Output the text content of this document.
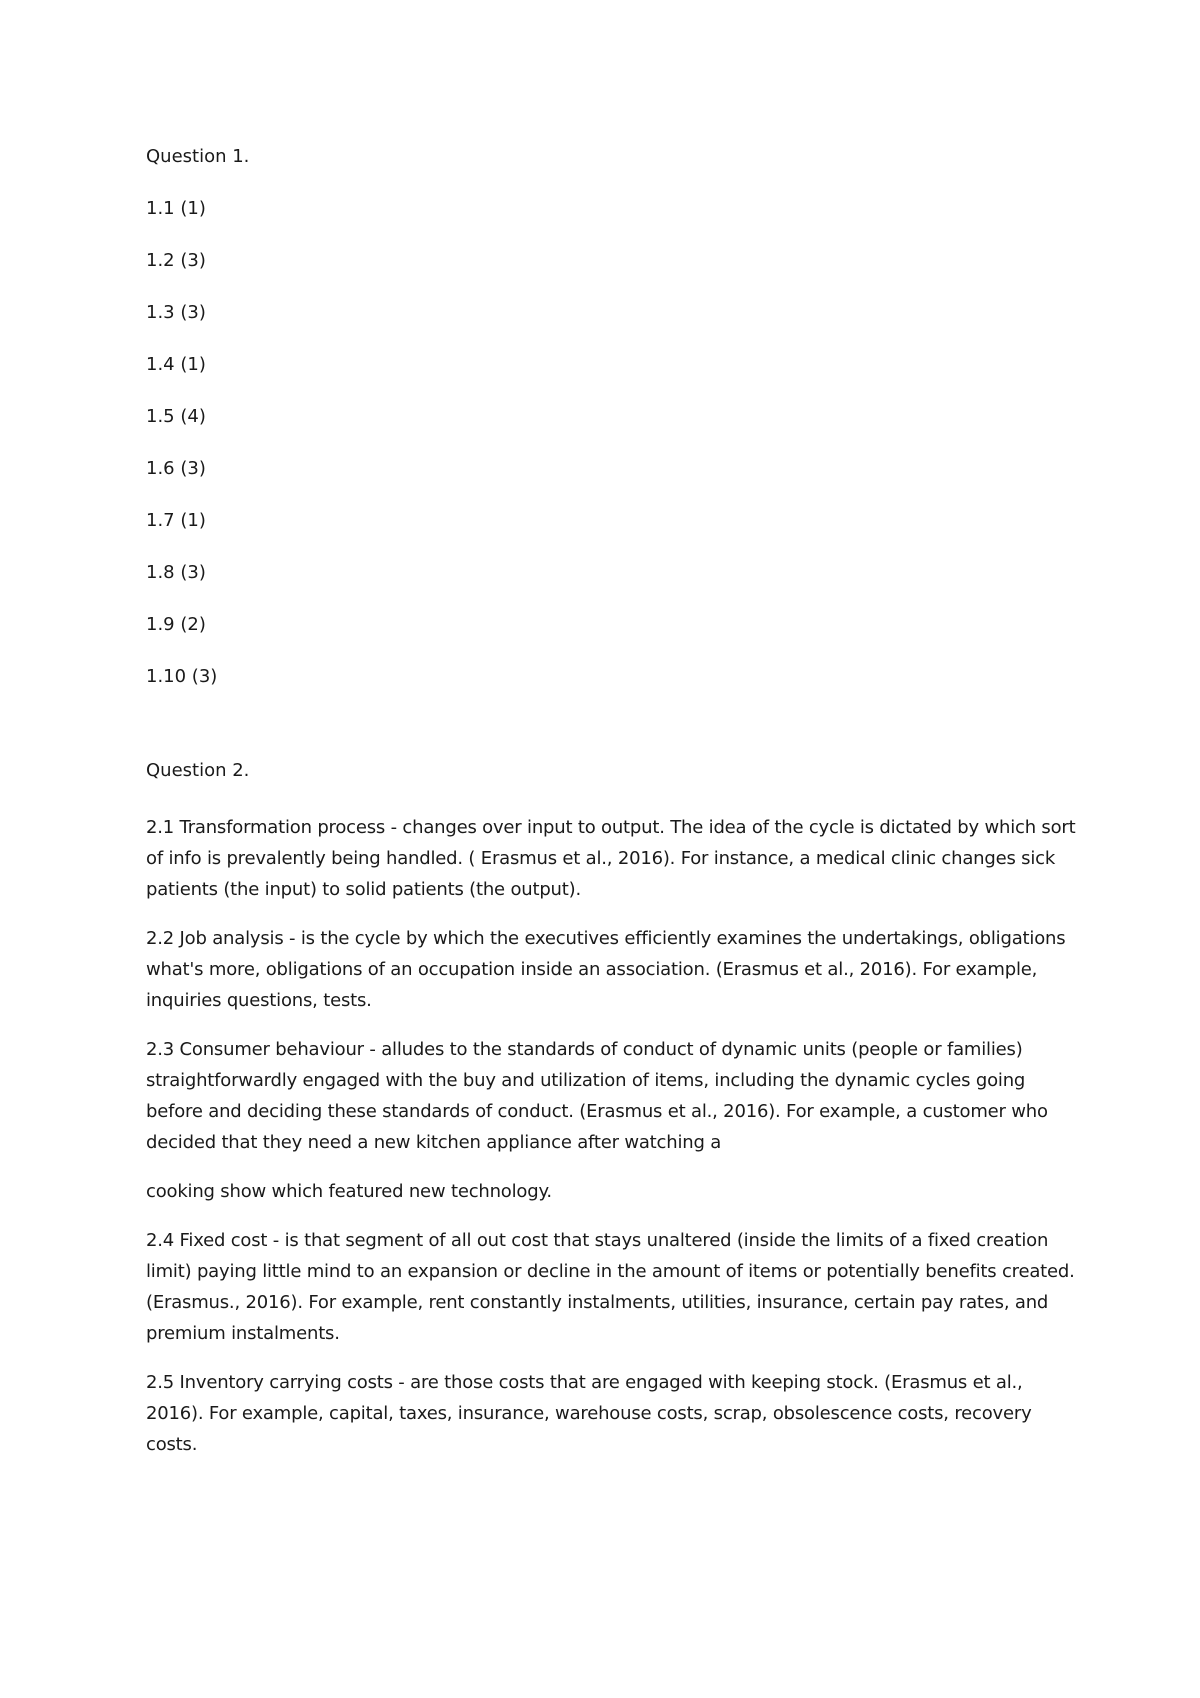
Question 1.
1.1 (1)
1.2 (3)
1.3 (3)
1.4 (1)
1.5 (4)
1.6 (3)
1.7 (1)
1.8 (3)
1.9 (2)
1.10 (3)
Question 2.

2.1 Transformation process - changes over input to output. The idea of the cycle is dictated by which sort of info is prevalently being handled. ( Erasmus et al., 2016). For instance, a medical clinic changes sick patients (the input) to solid patients (the output).

2.2 Job analysis - is the cycle by which the executives efficiently examines the undertakings, obligations what's more, obligations of an occupation inside an association. (Erasmus et al., 2016). For example, inquiries questions, tests.

2.3 Consumer behaviour - alludes to the standards of conduct of dynamic units (people or families) straightforwardly engaged with the buy and utilization of items, including the dynamic cycles going before and deciding these standards of conduct. (Erasmus et al., 2016). For example, a customer who decided that they need a new kitchen appliance after watching a

cooking show which featured new technology.

2.4 Fixed cost - is that segment of all out cost that stays unaltered (inside the limits of a fixed creation limit) paying little mind to an expansion or decline in the amount of items or potentially benefits created. (Erasmus., 2016). For example, rent constantly instalments, utilities, insurance, certain pay rates, and premium instalments.

2.5 Inventory carrying costs - are those costs that are engaged with keeping stock. (Erasmus et al., 2016). For example, capital, taxes, insurance, warehouse costs, scrap, obsolescence costs, recovery costs.
